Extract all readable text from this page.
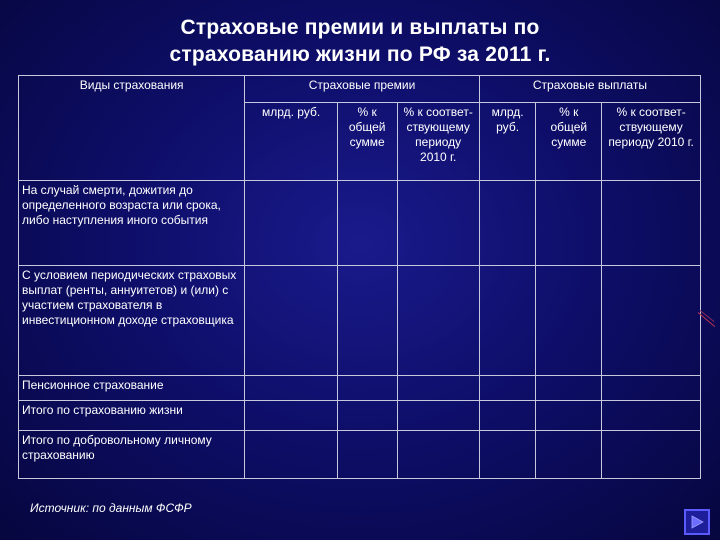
Страховые премии и выплаты по
страхованию жизни по РФ за 2011 г.
Виды страхования	Страховые премии			Страховые выплаты		
	млрд. руб.	% к общей сумме	% к соответ-ствующему периоду 2010 г.	млрд. руб.	% к общей сумме	% к соответ-ствующему периоду 2010 г.
На случай смерти, дожития до определенного возраста или срока, либо наступления иного события						
С условием периодических страховых выплат (ренты, аннуитетов) и (или) с участием страхователя в инвестиционном доходе страховщика						
Пенсионное страхование						
Итого по страхованию жизни						
Итого по добровольному личному страхованию						
Источник: по данным ФСФР
